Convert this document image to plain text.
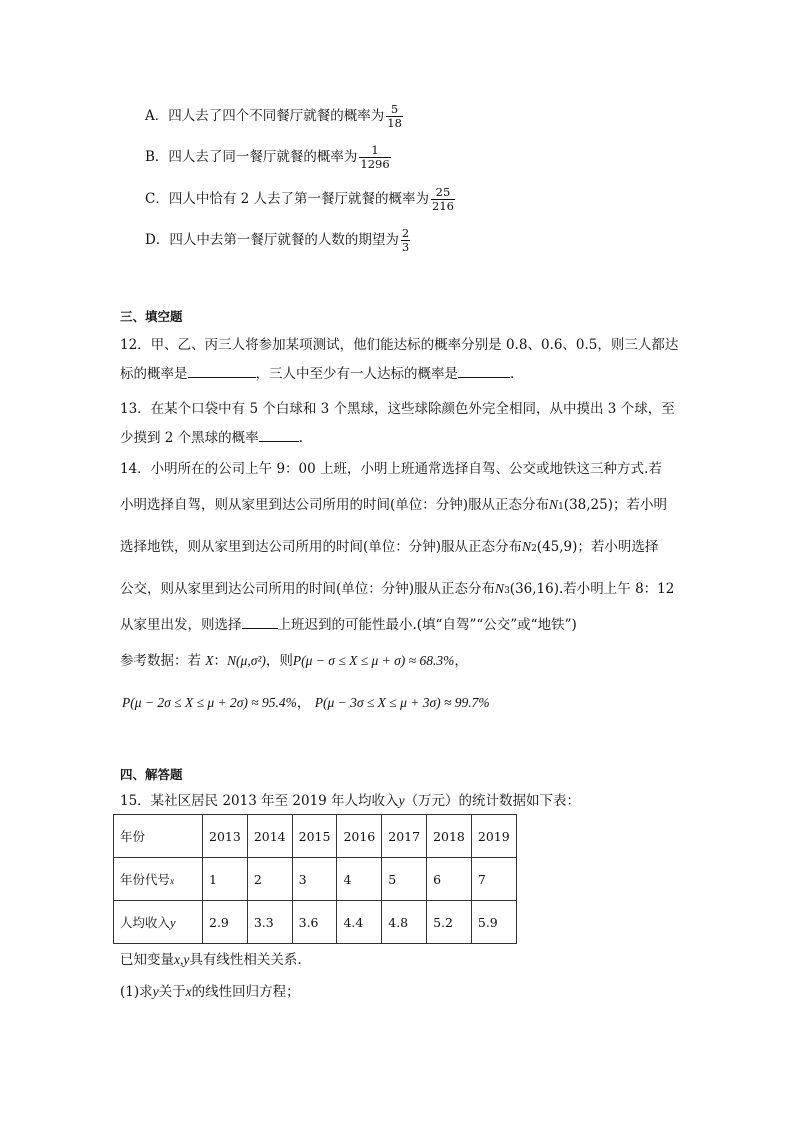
A．四人去了四个不同餐厅就餐的概率为 $\frac{5}{18}$
B．四人去了同一餐厅就餐的概率为 $\frac{1}{1296}$
C．四人中恰有 2 人去了第一餐厅就餐的概率为 $\frac{25}{216}$
D．四人中去第一餐厅就餐的人数的期望为 $\frac{2}{3}$
三、填空题
12．甲、乙、丙三人将参加某项测试，他们能达标的概率分别是 0.8、0.6、0.5，则三人都达
标的概率是	，三人中至少有一人达标的概率是	.
13．在某个口袋中有 5 个白球和 3 个黑球，这些球除颜色外完全相同，从中摸出 3 个球，至
少摸到 2 个黑球的概率	.
14．小明所在的公司上午 9：00 上班，小明上班通常选择自驾、公交或地铁这三种方式.若
小明选择自驾，则从家里到达公司所用的时间(单位：分钟)服从正态分布N1(38,25)；若小明
选择地铁，则从家里到达公司所用的时间(单位：分钟)服从正态分布N2(45,9)；若小明选择
公交，则从家里到达公司所用的时间(单位：分钟)服从正态分布N3(36,16).若小明上午 8：12
从家里出发，则选择	上班迟到的可能性最小.(填“自驾”“公交”或“地铁”)
参考数据：若 X：N(μ,σ²)，则P(μ − σ ≤ X ≤ μ + σ) ≈ 68.3%，
P(μ − 2σ ≤ X ≤ μ + 2σ) ≈ 95.4%， P(μ − 3σ ≤ X ≤ μ + 3σ) ≈ 99.7%
四、解答题
15．某社区居民 2013 年至 2019 年人均收入y（万元）的统计数据如下表：
年份	2013	2014	2015	2016	2017	2018	2019
年份代号x	1	2	3	4	5	6	7
人均收入y	2.9	3.3	3.6	4.4	4.8	5.2	5.9
已知变量x,y具有线性相关关系.
(1)求y关于x的线性回归方程；
